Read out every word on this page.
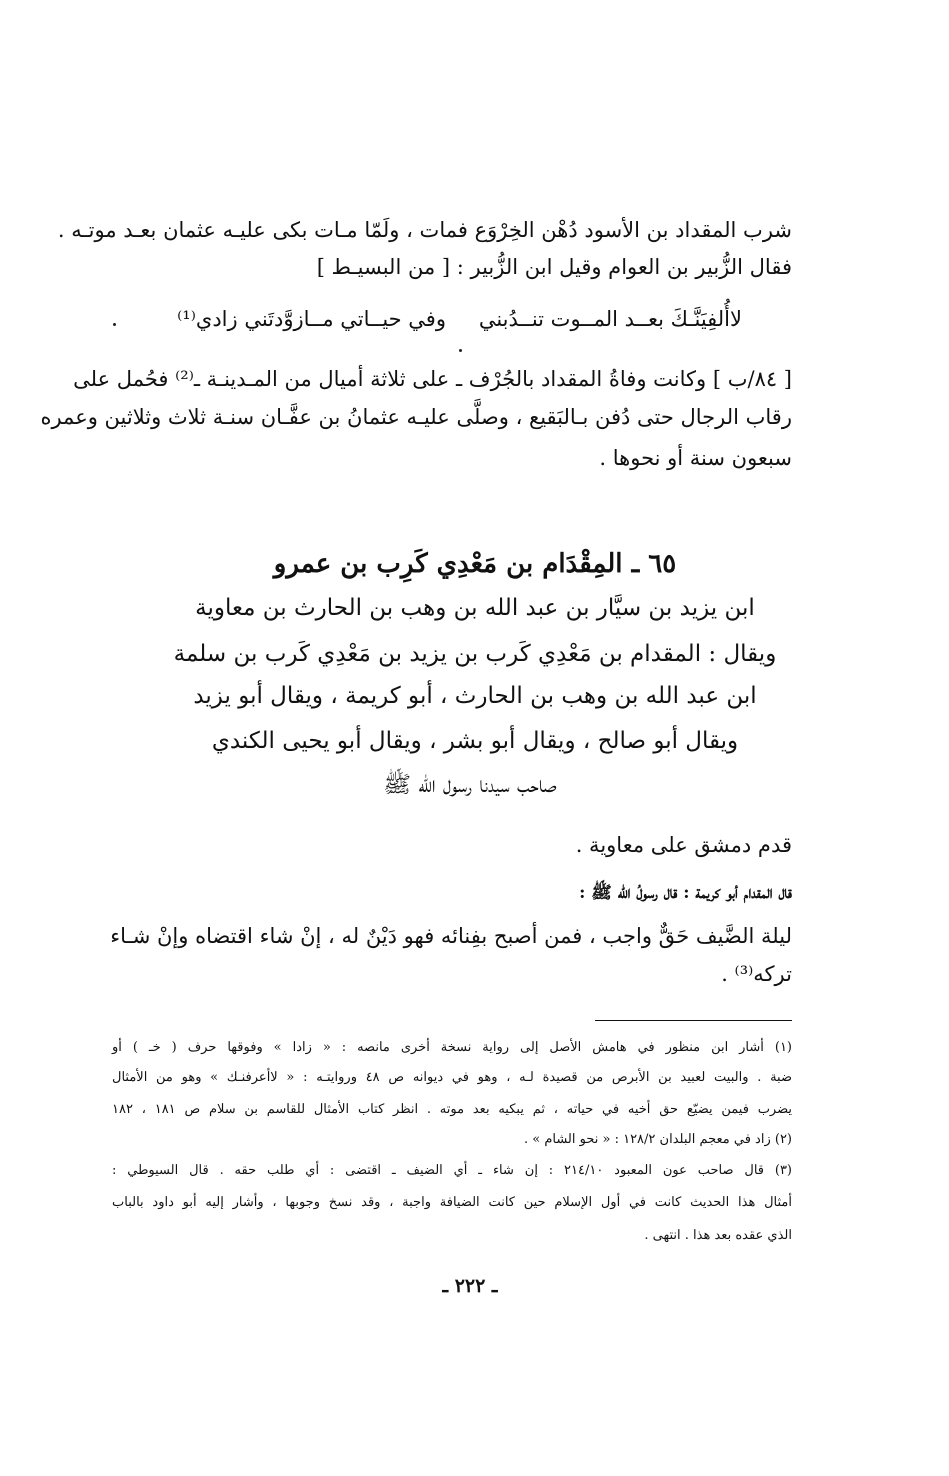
شرب المقداد بن الأسود دُهْن الخِرْوَع فمات ، ولَمّا مـات بكى عليـه عثمان بعـد موتـه .
فقال الزُّبير بن العوام وقيل ابن الزُّبير : [ من البسيـط ]
لاأُلفِيَنَّـكَ بعــد المــوت تنــدُبني
وفي حيــاتي مــازوَّدتَني زادي⁽¹⁾
[ ٨٤/ب ] وكانت وفاةُ المقداد بالجُرْف ـ على ثلاثة أميال من المـدينـة ـ⁽²⁾ فحُمل على
رقاب الرجال حتى دُفن بـالبَقيع ، وصلَّى عليـه عثمانُ بن عفَّـان سنـة ثلاث وثلاثين وعمره
سبعون سنة أو نحوها .
٦٥ ـ المِقْدَام بن مَعْدِي كَرِب بن عمرو
ابن يزيد بن سيَّار بن عبد الله بن وهب بن الحارث بن معاوية
ويقال : المقدام بن مَعْدِي كَرب بن يزيد بن مَعْدِي كَرب بن سلمة
ابن عبد الله بن وهب بن الحارث ، أبو كريمة ، ويقال أبو يزيد
ويقال أبو صالح ، ويقال أبو بشر ، ويقال أبو يحيى الكندي
صاحب سيدنا رسول الله ﷺ
قدم دمشق على معاوية .
قال المقدام أبو كريمة : قال رسولُ الله ﷺ :
ليلة الضَّيف حَقٌّ واجب ، فمن أصبح بفِنائه فهو دَيْنٌ له ، إنْ شاء اقتضاه وإنْ شـاء
تركه⁽³⁾ .
(١) أشار ابن منظور في هامش الأصل إلى رواية نسخة أخرى مانصه : « زادا » وفوقها حرف ( خـ ) أو
ضبة . والبيت لعبيد بن الأبرص من قصيدة لـه ، وهو في ديوانه ص ٤٨ وروايتـه : « لاأعرفنـك » وهو من الأمثال
يضرب فيمن يضيّع حق أخيه في حياته ، ثم يبكيه بعد موته . انظر كتاب الأمثال للقاسم بن سلام ص ١٨١ ، ١٨٢
(٢) زاد في معجم البلدان ١٢٨/٢ : « نحو الشام » .
(٣) قال صاحب عون المعبود ٢١٤/١٠ : إن شاء ـ أي الضيف ـ اقتضى : أي طلب حقه . قال السيوطي :
أمثال هذا الحديث كانت في أول الإسلام حين كانت الضيافة واجبة ، وقد نسخ وجوبها ، وأشار إليه أبو داود بالباب
الذي عقده بعد هذا . انتهى .
ـ ٢٢٢ ـ
